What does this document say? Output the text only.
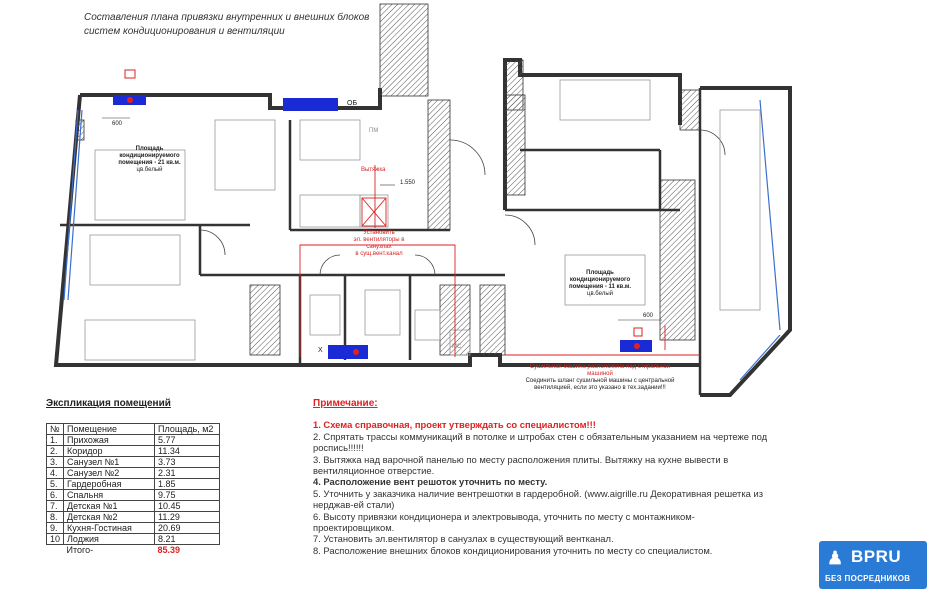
Составления плана привязки внутренних и внешних блоков
систем кондиционирования и вентиляции
600
600
1.550
ОБ
ПМ
МС
Х
Вытяжка
Площадь
кондиционируемого
помещения - 21 кв.м.
цв.белый
Площадь
кондиционируемого
помещения - 11 кв.м.
цв.белый
Установить
эл. вентиляторы в
санузлах
в сущ.вент.канал
Сушильная машина расположена над стиральной
машиной
Соединить шланг сушильной машины с центральной
вентиляцией, если это указано в тех.задании!!!
Экспликация помещений
№	Помещение	Площадь, м2
1.	Прихожая	5.77
2.	Коридор	11.34
3.	Санузел №1	3.73
4.	Санузел №2	2.31
5.	Гардеробная	1.85
6.	Спальня	9.75
7.	Детская №1	10.45
8.	Детская №2	11.29
9.	Кухня-Гостиная	20.69
10	Лоджия	8.21
	Итого-	85.39
Примечание:

1. Схема справочная, проект утверждать со специалистом!!!

2. Спрятать трассы коммуникаций в потолке и штробах стен с обязательным указанием на чертеже под роспись!!!!!!

3. Вытяжка над варочной панелью по месту расположения плиты. Вытяжку на кухне вывести в вентиляционное отверстие.

4. Расположение вент решоток уточнить по месту.

5. Уточнить у заказчика наличие вентрешотки в гардеробной. (www.aigrille.ru Декоративная решетка из нерджав-ей стали)

6. Высоту привязки кондиционера и электровывода, уточнить по месту с монтажником-проектировщиком.

7. Установить эл.вентилятор в санузлах в существующий вентканал.

8. Расположение внешних блоков кондиционирования уточнить по месту со специалистом.	♟ BPRU
БЕЗ ПОСРЕДНИКОВ
